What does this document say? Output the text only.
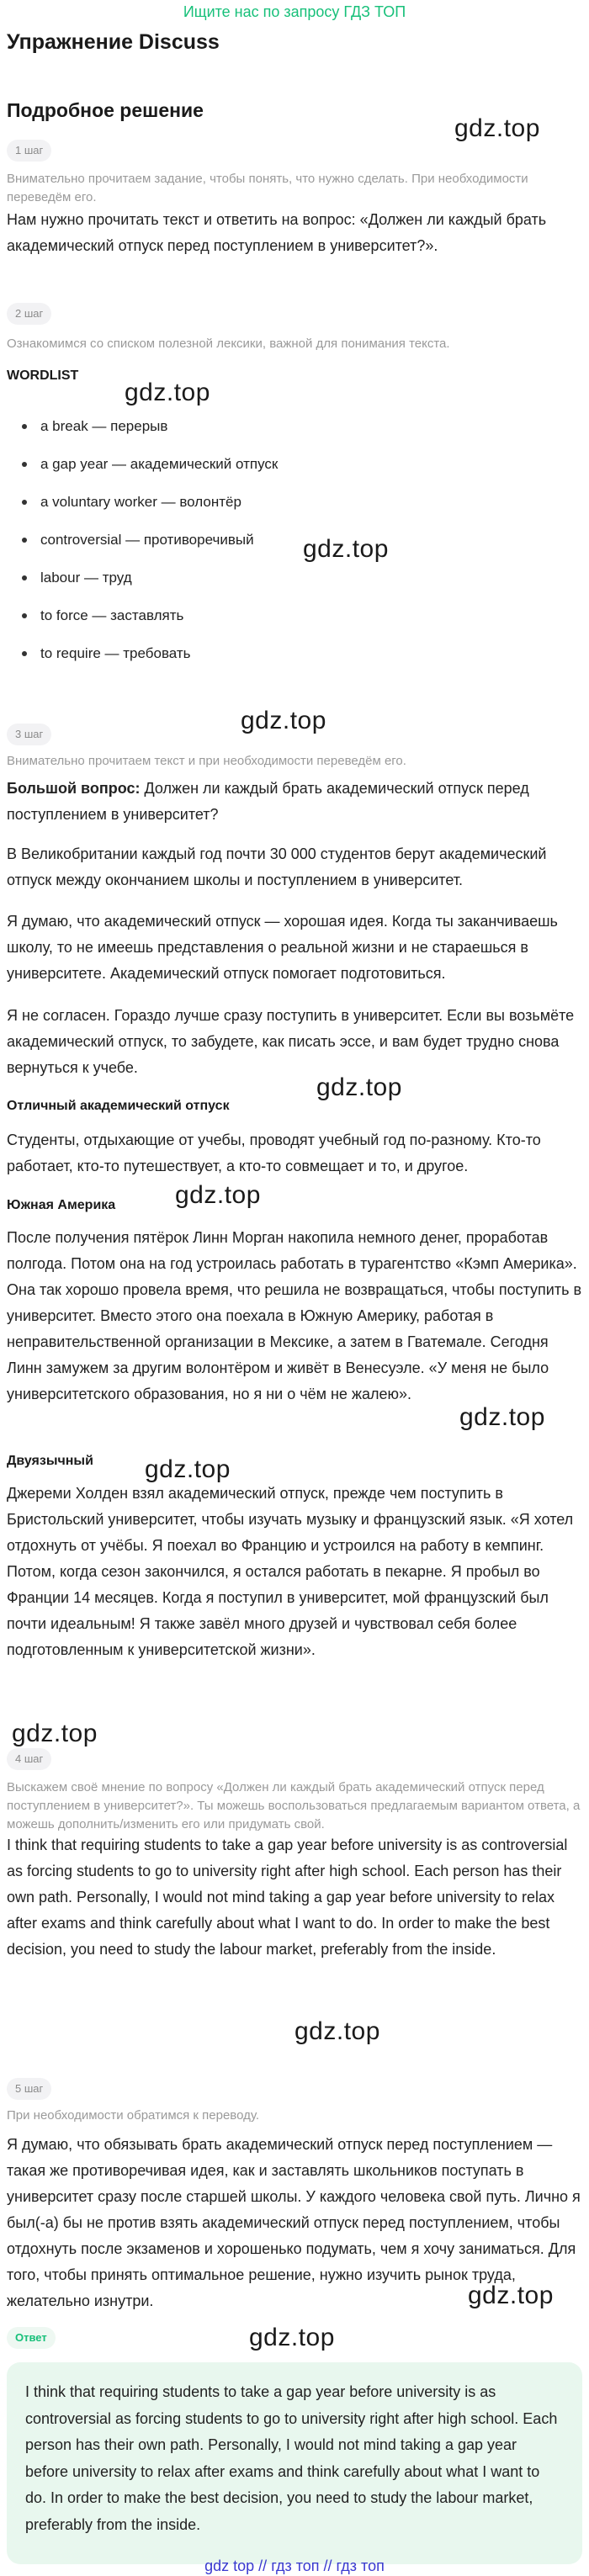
Ищите нас по запросу ГДЗ ТОП
Упражнение Discuss
Подробное решение
1 шаг
Внимательно прочитаем задание, чтобы понять, что нужно сделать. При необходимости переведём его.
Нам нужно прочитать текст и ответить на вопрос: «Должен ли каждый брать академический отпуск перед поступлением в университет?».
2 шаг
Ознакомимся со списком полезной лексики, важной для понимания текста.
WORDLIST
a break — перерыв
a gap year — академический отпуск
a voluntary worker — волонтёр
controversial — противоречивый
labour — труд
to force — заставлять
to require — требовать
3 шаг
Внимательно прочитаем текст и при необходимости переведём его.
Большой вопрос: Должен ли каждый брать академический отпуск перед поступлением в университет?
В Великобритании каждый год почти 30 000 студентов берут академический отпуск между окончанием школы и поступлением в университет.
Я думаю, что академический отпуск — хорошая идея. Когда ты заканчиваешь школу, то не имеешь представления о реальной жизни и не стараешься в университете. Академический отпуск помогает подготовиться.
Я не согласен. Гораздо лучше сразу поступить в университет. Если вы возьмёте академический отпуск, то забудете, как писать эссе, и вам будет трудно снова вернуться к учебе.
Отличный академический отпуск
Студенты, отдыхающие от учебы, проводят учебный год по-разному. Кто-то работает, кто-то путешествует, а кто-то совмещает и то, и другое.
Южная Америка
После получения пятёрок Линн Морган накопила немного денег, проработав полгода. Потом она на год устроилась работать в турагентство «Кэмп Америка». Она так хорошо провела время, что решила не возвращаться, чтобы поступить в университет. Вместо этого она поехала в Южную Америку, работая в неправительственной организации в Мексике, а затем в Гватемале. Сегодня Линн замужем за другим волонтёром и живёт в Венесуэле. «У меня не было университетского образования, но я ни о чём не жалею».
Двуязычный
Джереми Холден взял академический отпуск, прежде чем поступить в Бристольский университет, чтобы изучать музыку и французский язык. «Я хотел отдохнуть от учёбы. Я поехал во Францию и устроился на работу в кемпинг. Потом, когда сезон закончился, я остался работать в пекарне. Я пробыл во Франции 14 месяцев. Когда я поступил в университет, мой французский был почти идеальным! Я также завёл много друзей и чувствовал себя более подготовленным к университетской жизни».
4 шаг
Выскажем своё мнение по вопросу «Должен ли каждый брать академический отпуск перед поступлением в университет?». Ты можешь воспользоваться предлагаемым вариантом ответа, а можешь дополнить/изменить его или придумать свой.
I think that requiring students to take a gap year before university is as controversial as forcing students to go to university right after high school. Each person has their own path. Personally, I would not mind taking a gap year before university to relax after exams and think carefully about what I want to do. In order to make the best decision, you need to study the labour market, preferably from the inside.
5 шаг
При необходимости обратимся к переводу.
Я думаю, что обязывать брать академический отпуск перед поступлением — такая же противоречивая идея, как и заставлять школьников поступать в университет сразу после старшей школы. У каждого человека свой путь. Лично я был(-а) бы не против взять академический отпуск перед поступлением, чтобы отдохнуть после экзаменов и хорошенько подумать, чем я хочу заниматься. Для того, чтобы принять оптимальное решение, нужно изучить рынок труда, желательно изнутри.
Ответ
I think that requiring students to take a gap year before university is as controversial as forcing students to go to university right after high school. Each person has their own path. Personally, I would not mind taking a gap year before university to relax after exams and think carefully about what I want to do. In order to make the best decision, you need to study the labour market, preferably from the inside.
gdz.top
gdz.top
gdz.top
gdz.top
gdz.top
gdz.top
gdz.top
gdz.top
gdz.top
gdz.top
gdz.top
gdz.top
gdz top // гдз топ // гдз топ
